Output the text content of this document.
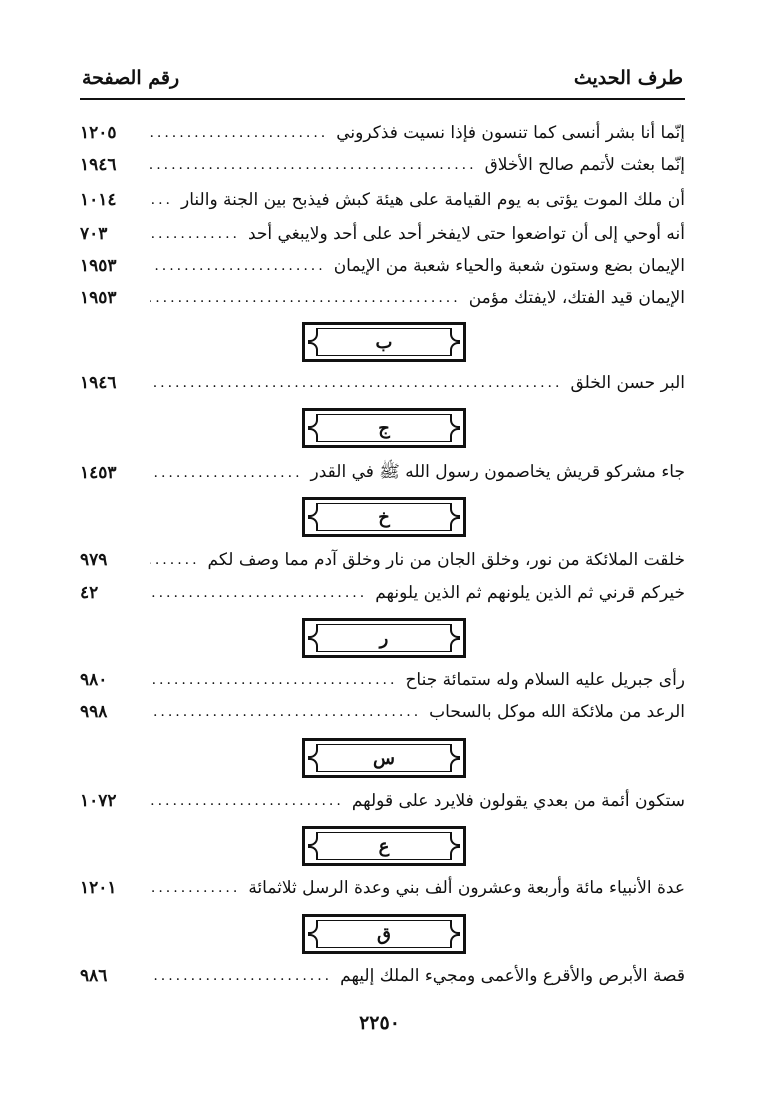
طرف الحديث
رقم الصفحة
إنّما أنا بشر أنسى كما تنسون فإذا نسيت فذكروني
.....
١٢٠٥
إنّما بعثت لأتمم صالح الأخلاق
.....
١٩٤٦
أن ملك الموت يؤتى به يوم القيامة على هيئة كبش فيذبح بين الجنة والنار
.....
١٠١٤
أنه أوحي إلى أن تواضعوا حتى لايفخر أحد على أحد ولايبغي أحد
.....
٧٠٣
الإيمان بضع وستون شعبة والحياء شعبة من الإيمان
.....
١٩٥٣
الإيمان قيد الفتك، لايفتك مؤمن
.....
١٩٥٣
ب
البر حسن الخلق
.....
١٩٤٦
ج
جاء مشركو قريش يخاصمون رسول الله ﷺ في القدر
.....
١٤٥٣
خ
خلقت الملائكة من نور، وخلق الجان من نار وخلق آدم مما وصف لكم
.....
٩٧٩
خيركم قرني ثم الذين يلونهم ثم الذين يلونهم
.....
٤٢
ر
رأى جبريل عليه السلام وله ستمائة جناح
.....
٩٨٠
الرعد من ملائكة الله موكل بالسحاب
.....
٩٩٨
س
ستكون أئمة من بعدي يقولون فلايرد على قولهم
.....
١٠٧٢
ع
عدة الأنبياء مائة وأربعة وعشرون ألف بني وعدة الرسل ثلاثمائة
.....
١٢٠١
ق
قصة الأبرص والأقرع والأعمى ومجيء الملك إليهم
.....
٩٨٦
٢٢٥٠
